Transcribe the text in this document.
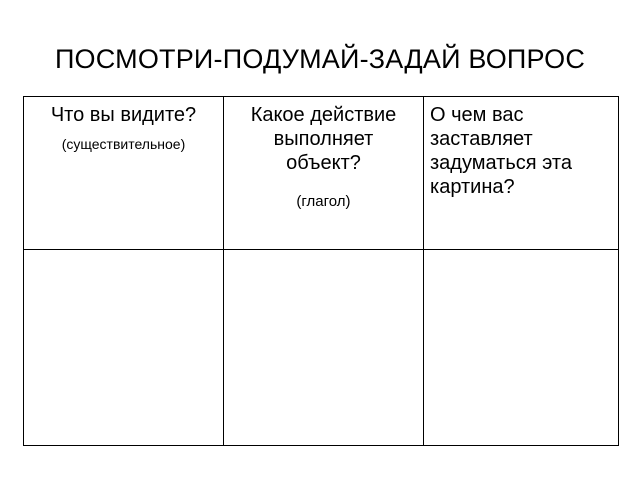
ПОСМОТРИ-ПОДУМАЙ-ЗАДАЙ ВОПРОС
Что вы видите?
(существительное)
Какое действие
выполняет
объект?
(глагол)
О чем вас
заставляет
задуматься эта
картина?
